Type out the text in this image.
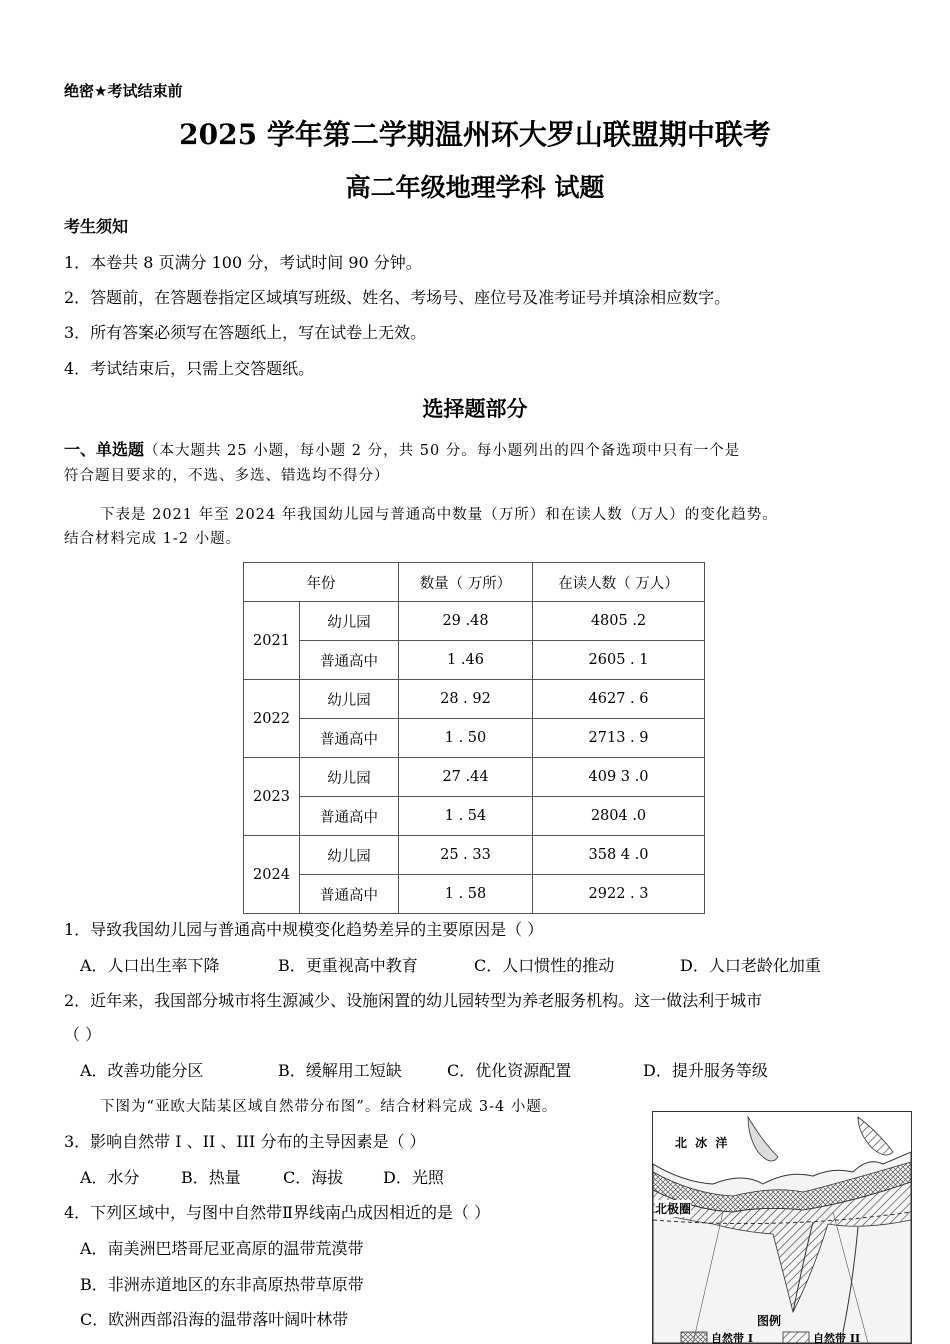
绝密★考试结束前
2025 学年第二学期温州环大罗山联盟期中联考
高二年级地理学科 试题
考生须知
1．本卷共 8 页满分 100 分，考试时间 90 分钟。
2．答题前，在答题卷指定区域填写班级、姓名、考场号、座位号及准考证号并填涂相应数字。
3．所有答案必须写在答题纸上，写在试卷上无效。
4．考试结束后，只需上交答题纸。
选择题部分
一、单选题（本大题共 25 小题，每小题 2 分，共 50 分。每小题列出的四个备选项中只有一个是
符合题目要求的，不选、多选、错选均不得分）
下表是 2021 年至 2024 年我国幼儿园与普通高中数量（万所）和在读人数（万人）的变化趋势。
结合材料完成 1-2 小题。
年份		数量（ 万所）	在读人数（ 万人）
2021	幼儿园	29 .48	4805 .2
	普通高中	1 .46	2605 . 1
2022	幼儿园	28 . 92	4627 . 6
	普通高中	1 . 50	2713 . 9
2023	幼儿园	27 .44	409 3 .0
	普通高中	1 . 54	2804 .0
2024	幼儿园	25 . 33	358 4 .0
	普通高中	1 . 58	2922 . 3
1．导致我国幼儿园与普通高中规模变化趋势差异的主要原因是（ ）
A．人口出生率下降	B．更重视高中教育	C．人口惯性的推动	D．人口老龄化加重
2．近年来，我国部分城市将生源减少、设施闲置的幼儿园转型为养老服务机构。这一做法利于城市
（ ）
A．改善功能分区	B．缓解用工短缺	C．优化资源配置	D．提升服务等级
下图为“亚欧大陆某区域自然带分布图”。结合材料完成 3-4 小题。
3．影响自然带 I 、II 、III 分布的主导因素是（ ）
A．水分	B．热量	C．海拔 D．光照
4．下列区域中，与图中自然带Ⅱ界线南凸成因相近的是（ ）
A．南美洲巴塔哥尼亚高原的温带荒漠带
B．非洲赤道地区的东非高原热带草原带
C．欧洲西部沿海的温带落叶阔叶林带
北 冰 洋
北极圈
图例
自然带 I	自然带 II
